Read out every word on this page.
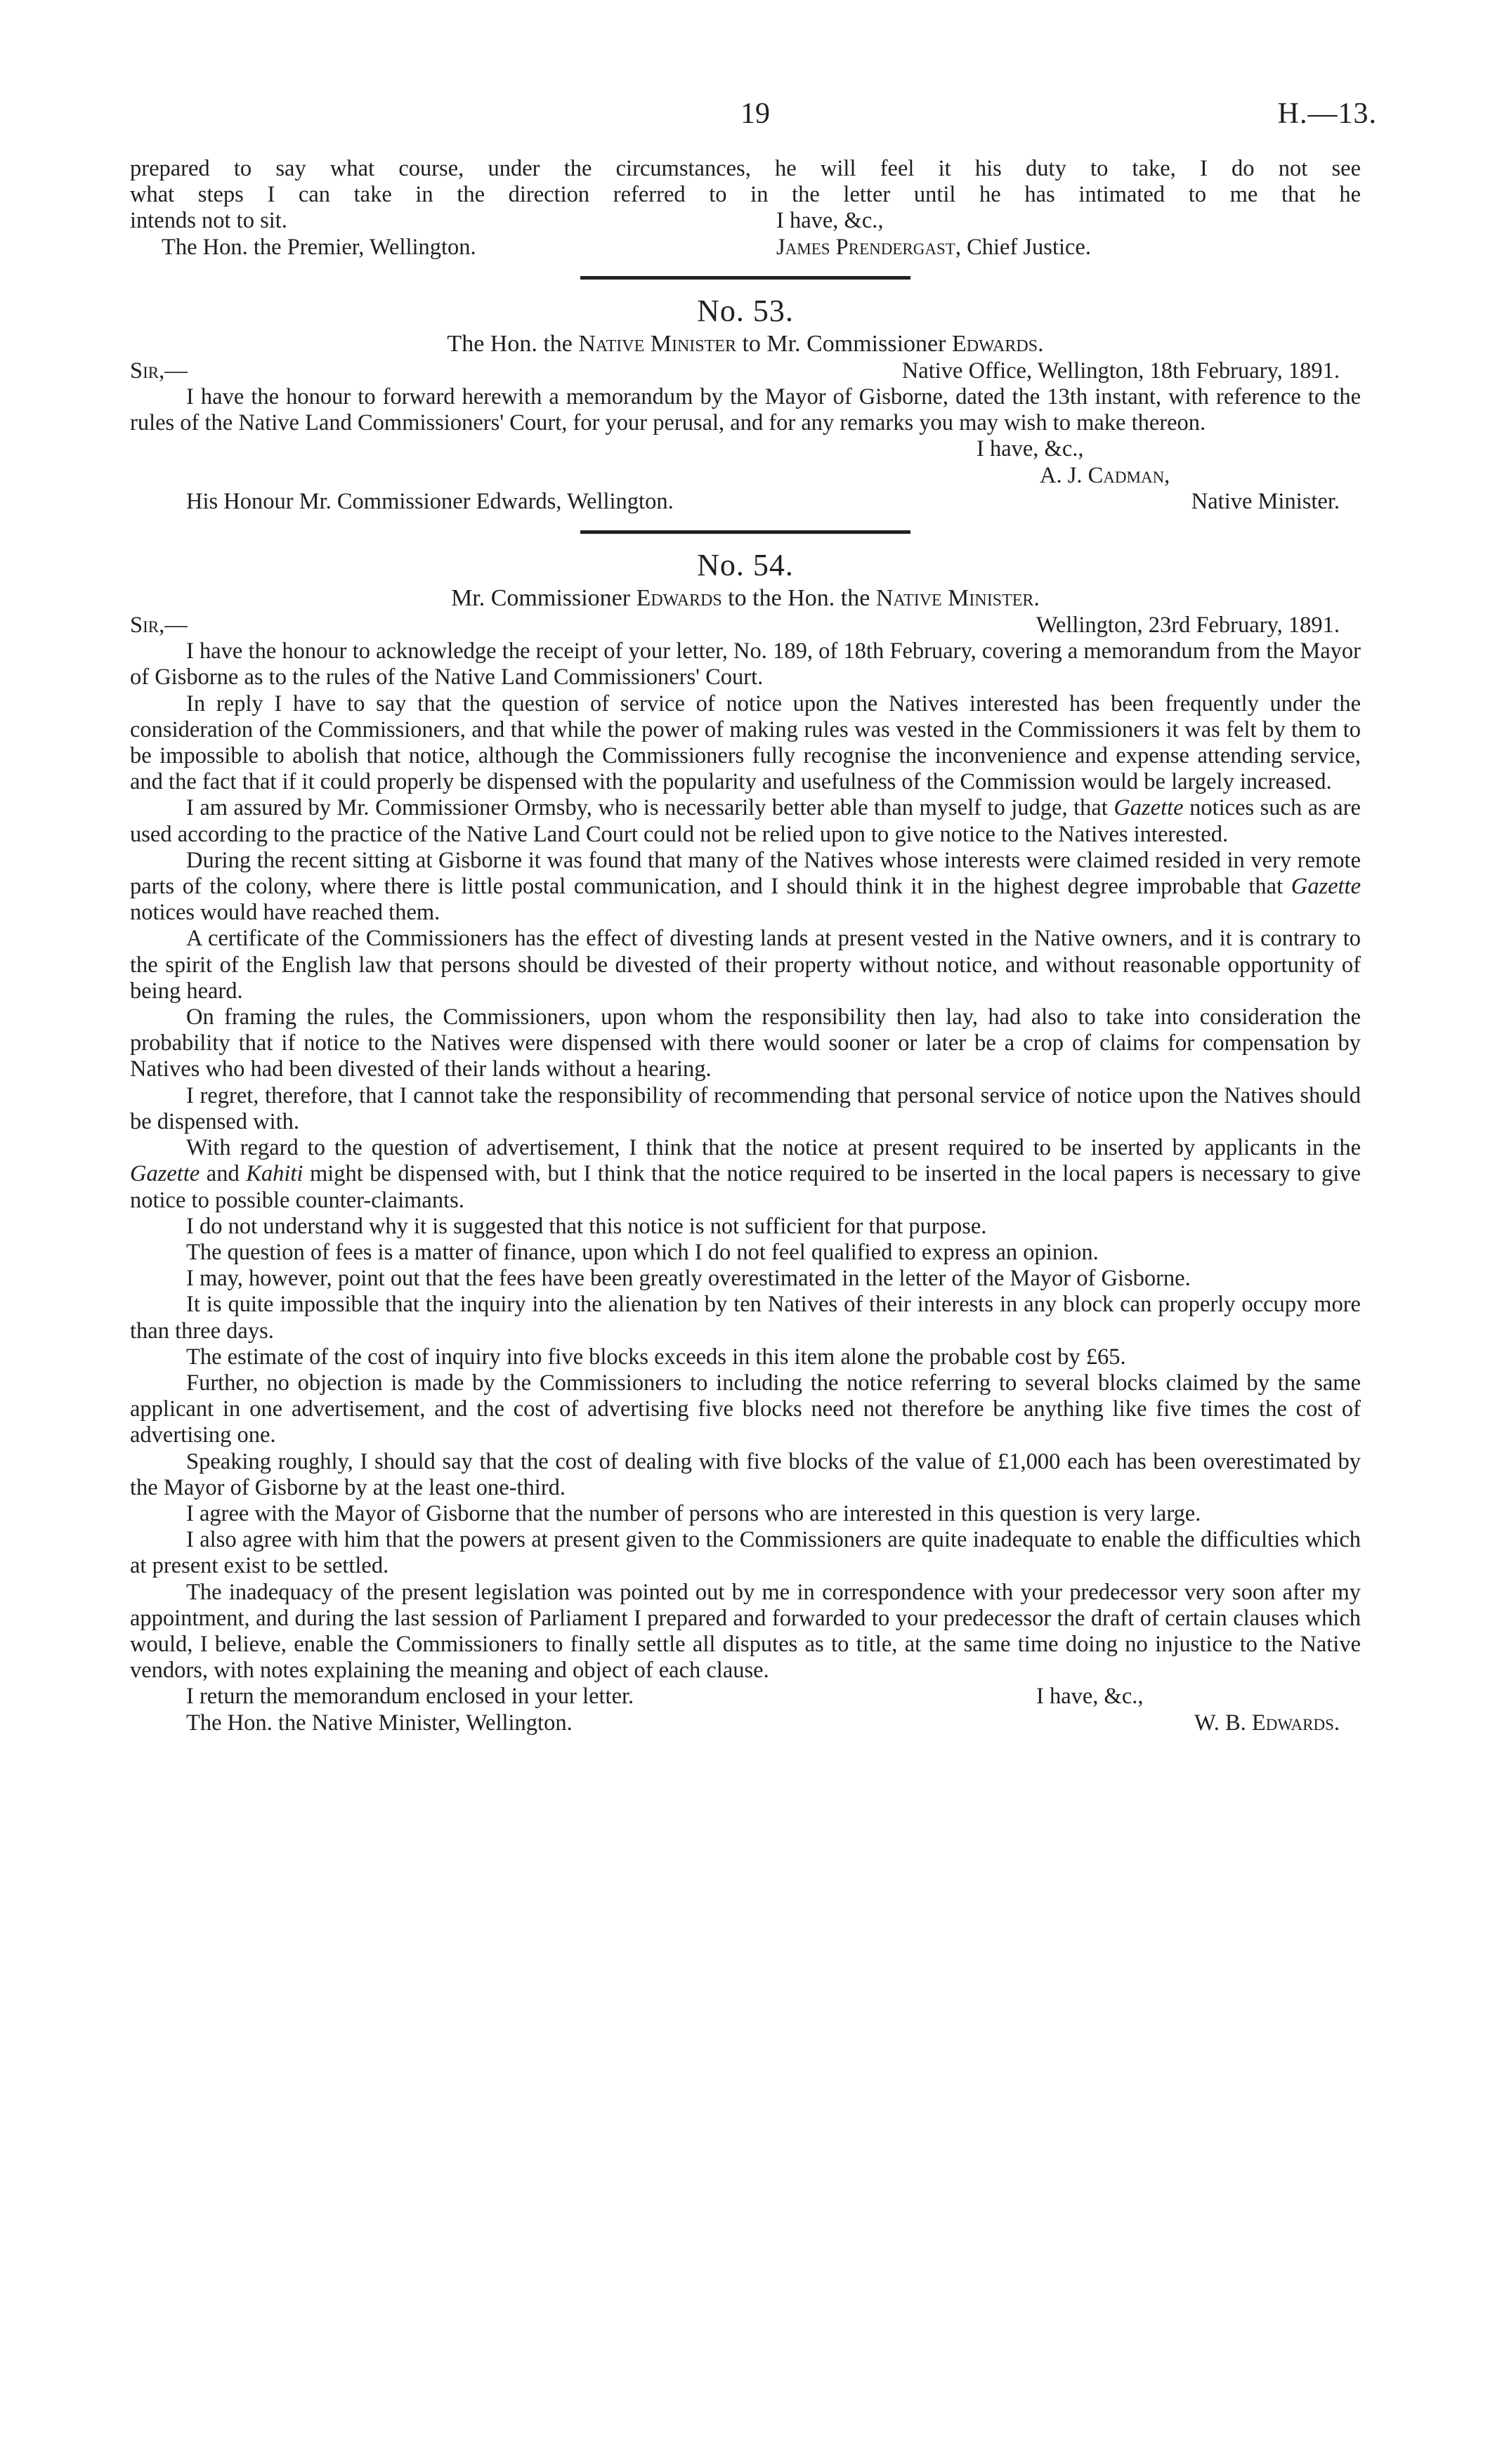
19	H.—13.

prepared to say what course, under the circumstances, he will feel it his duty to take, I do not see

what steps I can take in the direction referred to in the letter until he has intimated to me that he

intends not to sit.	I have, &c.,
The Hon. the Premier, Wellington.	James Prendergast, Chief Justice.
No. 53.
The Hon. the Native Minister to Mr. Commissioner Edwards.
Sir,—	Native Office, Wellington, 18th February, 1891.

I have the honour to forward herewith a memorandum by the Mayor of Gisborne, dated the 13th instant, with reference to the rules of the Native Land Commissioners' Court, for your perusal, and for any remarks you may wish to make thereon.

I have, &c.,
A. J. Cadman,
His Honour Mr. Commissioner Edwards, Wellington.	Native Minister.
No. 54.
Mr. Commissioner Edwards to the Hon. the Native Minister.
Sir,—	Wellington, 23rd February, 1891.

I have the honour to acknowledge the receipt of your letter, No. 189, of 18th February, covering a memorandum from the Mayor of Gisborne as to the rules of the Native Land Commissioners' Court.

In reply I have to say that the question of service of notice upon the Natives interested has been frequently under the consideration of the Commissioners, and that while the power of making rules was vested in the Commissioners it was felt by them to be impossible to abolish that notice, although the Commissioners fully recognise the inconvenience and expense attending service, and the fact that if it could properly be dispensed with the popularity and usefulness of the Commission would be largely increased.

I am assured by Mr. Commissioner Ormsby, who is necessarily better able than myself to judge, that Gazette notices such as are used according to the practice of the Native Land Court could not be relied upon to give notice to the Natives interested.

During the recent sitting at Gisborne it was found that many of the Natives whose interests were claimed resided in very remote parts of the colony, where there is little postal communication, and I should think it in the highest degree improbable that Gazette notices would have reached them.

A certificate of the Commissioners has the effect of divesting lands at present vested in the Native owners, and it is contrary to the spirit of the English law that persons should be divested of their property without notice, and without reasonable opportunity of being heard.

On framing the rules, the Commissioners, upon whom the responsibility then lay, had also to take into consideration the probability that if notice to the Natives were dispensed with there would sooner or later be a crop of claims for compensation by Natives who had been divested of their lands without a hearing.

I regret, therefore, that I cannot take the responsibility of recommending that personal service of notice upon the Natives should be dispensed with.

With regard to the question of advertisement, I think that the notice at present required to be inserted by applicants in the Gazette and Kahiti might be dispensed with, but I think that the notice required to be inserted in the local papers is necessary to give notice to possible counter-claimants.

I do not understand why it is suggested that this notice is not sufficient for that purpose.

The question of fees is a matter of finance, upon which I do not feel qualified to express an opinion.

I may, however, point out that the fees have been greatly overestimated in the letter of the Mayor of Gisborne.

It is quite impossible that the inquiry into the alienation by ten Natives of their interests in any block can properly occupy more than three days.

The estimate of the cost of inquiry into five blocks exceeds in this item alone the probable cost by £65.

Further, no objection is made by the Commissioners to including the notice referring to several blocks claimed by the same applicant in one advertisement, and the cost of advertising five blocks need not therefore be anything like five times the cost of advertising one.

Speaking roughly, I should say that the cost of dealing with five blocks of the value of £1,000 each has been overestimated by the Mayor of Gisborne by at the least one-third.

I agree with the Mayor of Gisborne that the number of persons who are interested in this question is very large.

I also agree with him that the powers at present given to the Commissioners are quite inadequate to enable the difficulties which at present exist to be settled.

The inadequacy of the present legislation was pointed out by me in correspondence with your predecessor very soon after my appointment, and during the last session of Parliament I prepared and forwarded to your predecessor the draft of certain clauses which would, I believe, enable the Commissioners to finally settle all disputes as to title, at the same time doing no injustice to the Native vendors, with notes explaining the meaning and object of each clause.

I return the memorandum enclosed in your letter.	I have, &c.,
The Hon. the Native Minister, Wellington.	W. B. Edwards.
